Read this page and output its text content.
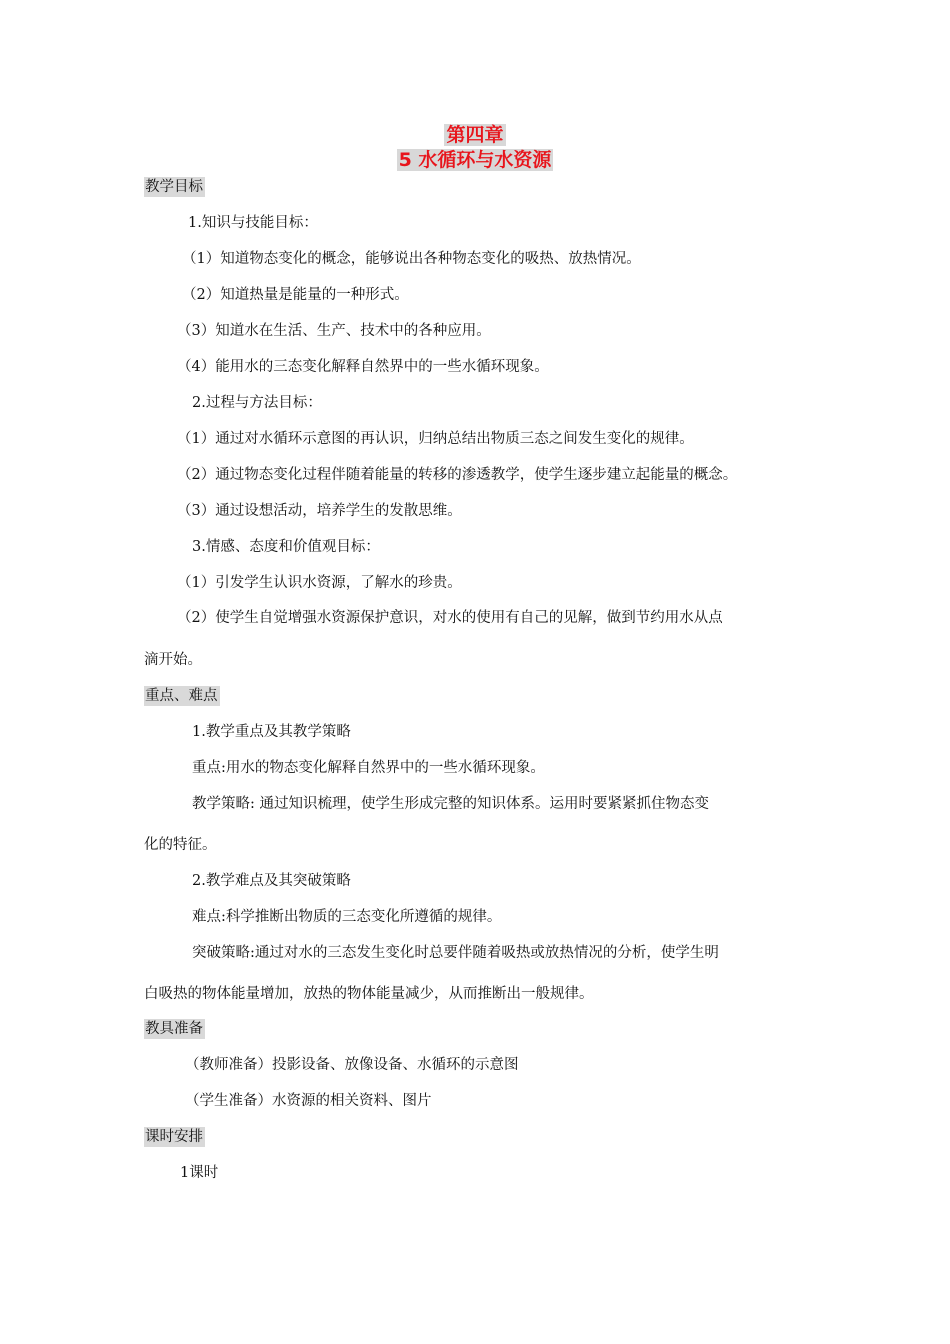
第四章
5 水循环与水资源
教学目标
1.知识与技能目标：
（1）知道物态变化的概念，能够说出各种物态变化的吸热、放热情况。
（2）知道热量是能量的一种形式。
（3）知道水在生活、生产、技术中的各种应用。
（4）能用水的三态变化解释自然界中的一些水循环现象。
2.过程与方法目标：
（1）通过对水循环示意图的再认识，归纳总结出物质三态之间发生变化的规律。
（2）通过物态变化过程伴随着能量的转移的渗透教学，使学生逐步建立起能量的概念。
（3）通过设想活动，培养学生的发散思维。
3.情感、态度和价值观目标：
（1）引发学生认识水资源，了解水的珍贵。
（2）使学生自觉增强水资源保护意识，对水的使用有自己的见解，做到节约用水从点
滴开始。
重点、难点
1.教学重点及其教学策略
重点:用水的物态变化解释自然界中的一些水循环现象。
教学策略: 通过知识梳理，使学生形成完整的知识体系。运用时要紧紧抓住物态变
化的特征。
2.教学难点及其突破策略
难点:科学推断出物质的三态变化所遵循的规律。
突破策略:通过对水的三态发生变化时总要伴随着吸热或放热情况的分析，使学生明
白吸热的物体能量增加，放热的物体能量减少，从而推断出一般规律。
教具准备
（教师准备）投影设备、放像设备、水循环的示意图
（学生准备）水资源的相关资料、图片
课时安排
1课时
